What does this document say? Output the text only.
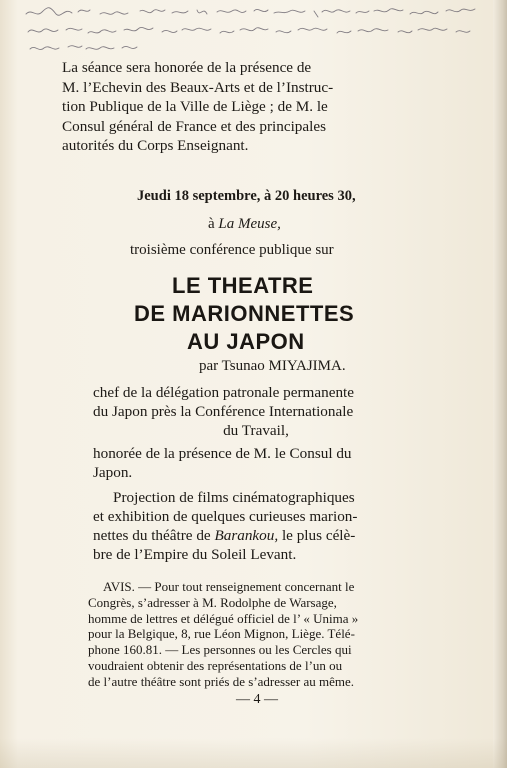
La séance sera honorée de la présence de
M. l’Echevin des Beaux-Arts et de l’Instruc-
tion Publique de la Ville de Liège ; de M. le
Consul général de France et des principales
autorités du Corps Enseignant.
Jeudi 18 septembre, à 20 heures 30,
à La Meuse,
troisième conférence publique sur
LE THEATRE
DE MARIONNETTES
AU JAPON
par Tsunao MIYAJIMA.
chef de la délégation patronale permanente
du Japon près la Conférence Internationale
du Travail,
honorée de la présence de M. le Consul du
Japon.
Projection de films cinématographiques
et exhibition de quelques curieuses marion-
nettes du théâtre de Barankou, le plus célè-
bre de l’Empire du Soleil Levant.
AVIS. — Pour tout renseignement concernant le
Congrès, s’adresser à M. Rodolphe de Warsage,
homme de lettres et délégué officiel de l’ « Unima »
pour la Belgique, 8, rue Léon Mignon, Liège. Télé-
phone 160.81. — Les personnes ou les Cercles qui
voudraient obtenir des représentations de l’un ou
de l’autre théâtre sont priés de s’adresser au même.
— 4 —
